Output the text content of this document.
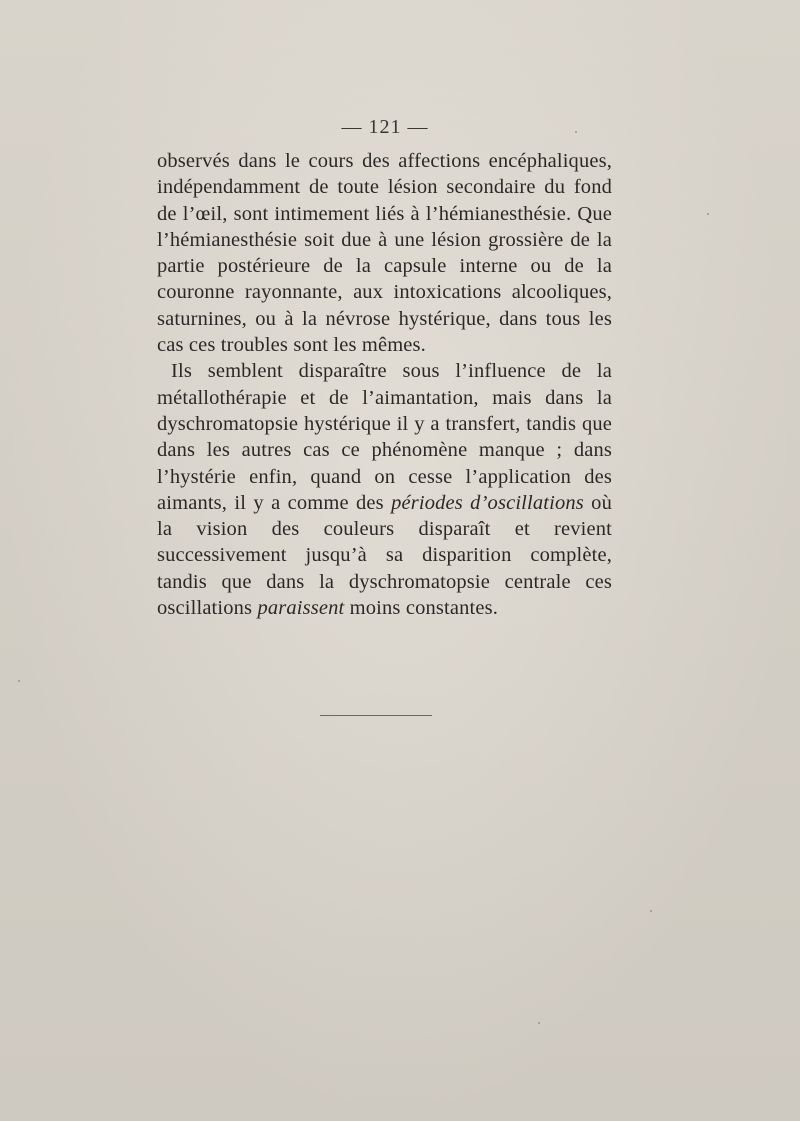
— 121 —

observés dans le cours des affections encéphaliques, indépendamment de toute lésion secondaire du fond de l’œil, sont intimement liés à l’hémianesthésie. Que l’hémianesthésie soit due à une lésion grossière de la partie postérieure de la capsule interne ou de la couronne rayonnante, aux intoxications alcooliques, saturnines, ou à la névrose hystérique, dans tous les cas ces troubles sont les mêmes.

Ils semblent disparaître sous l’influence de la métallothérapie et de l’aimantation, mais dans la dyschromatopsie hystérique il y a transfert, tandis que dans les autres cas ce phénomène manque ; dans l’hystérie enfin, quand on cesse l’application des aimants, il y a comme des périodes d’oscillations où la vision des couleurs disparaît et revient successivement jusqu’à sa disparition complète, tandis que dans la dyschromatopsie centrale ces oscillations paraissent moins constantes.
